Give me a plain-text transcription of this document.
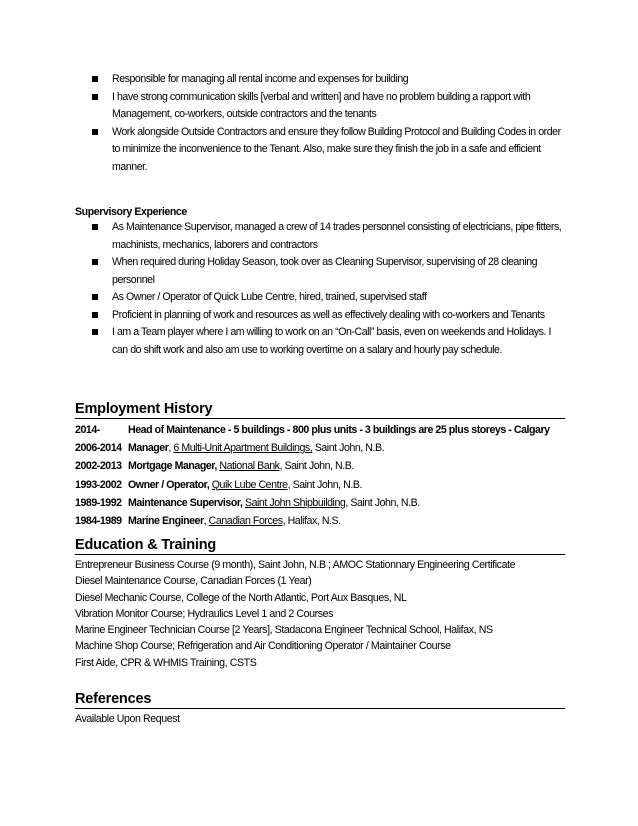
Responsible for managing all rental income and expenses for building
I have strong communication skills [verbal and written] and have no problem building a rapport with Management, co-workers, outside contractors and the tenants
Work alongside Outside Contractors and ensure they follow Building Protocol and Building Codes in order to minimize the inconvenience to the Tenant. Also, make sure they finish the job in a safe and efficient manner.
Supervisory Experience
As Maintenance Supervisor, managed a crew of 14 trades personnel consisting of electricians, pipe fitters, machinists, mechanics, laborers and contractors
When required during Holiday Season, took over as Cleaning Supervisor, supervising of 28 cleaning personnel
As Owner / Operator of Quick Lube Centre, hired, trained, supervised staff
Proficient in planning of work and resources as well as effectively dealing with co-workers and Tenants
I am a Team player where I am willing to work on an “On-Call” basis, even on weekends and Holidays. I can do shift work and also am use to working overtime on a salary and hourly pay schedule.
Employment History
2014-	Head of Maintenance - 5 buildings - 800 plus units - 3 buildings are 25 plus storeys - Calgary
2006-2014 Manager, 6 Multi-Unit Apartment Buildings, Saint John, N.B.
2002-2013 Mortgage Manager, National Bank, Saint John, N.B.
1993-2002 Owner / Operator, Quik Lube Centre, Saint John, N.B.
1989-1992 Maintenance Supervisor, Saint John Shipbuilding, Saint John, N.B.
1984-1989 Marine Engineer, Canadian Forces, Halifax, N.S.
Education & Training
Entrepreneur Business Course (9 month), Saint John, N.B ; AMOC Stationnary Engineering Certificate
Diesel Maintenance Course, Canadian Forces (1 Year)
Diesel Mechanic Course, College of the North Atlantic, Port Aux Basques, NL
Vibration Monitor Course; Hydraulics Level 1 and 2 Courses
Marine Engineer Technician Course [2 Years], Stadacona Engineer Technical School, Halifax, NS
Machine Shop Course; Refrigeration and Air Conditioning Operator / Maintainer Course
First Aide, CPR & WHMIS Training, CSTS
References
Available Upon Request
